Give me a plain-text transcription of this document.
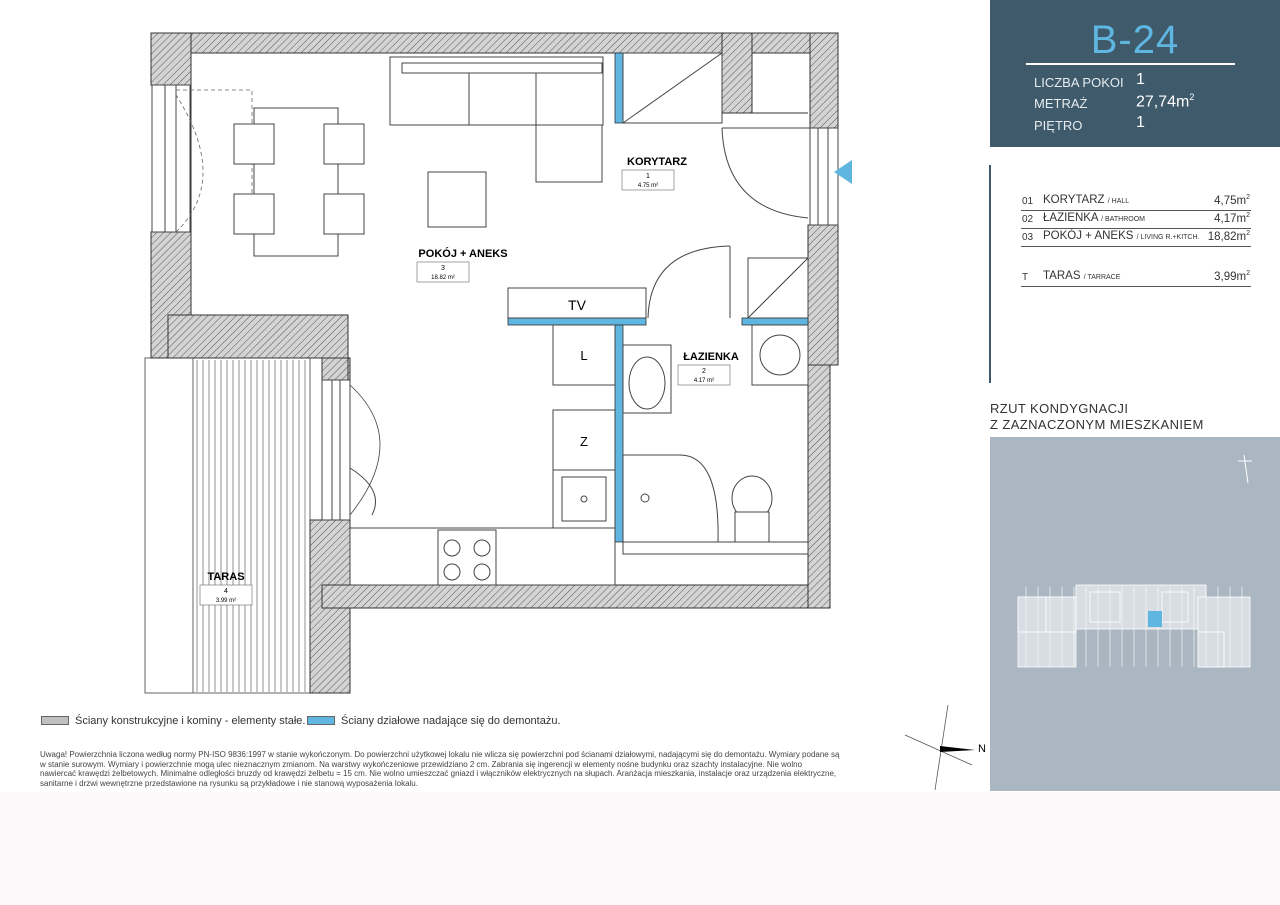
KORYTARZ
1
4.75 m²
POKÓJ + ANEKS
3
18.82 m²
ŁAZIENKA
2
4.17 m²
TARAS
4
3.99 m²
N
TV
L
Z
B-24
LICZBA POKOI 1
METRAŻ	$27,74m^2$
PIĘTRO	1
01 KORYTARZ / HALL	$4,75m^2$
02 ŁAZIENKA / BATHROOM	$4,17m^2$
03 POKÓJ + ANEKS / LIVING R.+KITCH. $18,82m^2$
T TARAS / TARRACE	$3,99m^2$
RZUT KONDYGNACJI
Z ZAZNACZONYM MIESZKANIEM
Ściany konstrukcyjne i kominy - elementy stałe.	Ściany działowe nadające się do demontażu.
Uwaga! Powierzchnia liczona według normy PN-ISO 9836:1997 w stanie wykończonym. Do powierzchni użytkowej lokalu nie wlicza się powierzchni pod ścianami działowymi, nadającymi się do demontażu. Wymiary podane są w stanie surowym. Wymiary i powierzchnie mogą ulec nieznacznym zmianom. Na warstwy wykończeniowe przewidziano 2 cm. Zabrania się ingerencji w elementy nośne budynku oraz szachty instalacyjne. Nie wolno nawiercać krawędzi żelbetowych. Minimalne odległości bruzdy od krawędzi żelbetu = 15 cm. Nie wolno umieszczać gniazd i włączników elektrycznych na słupach. Aranżacja mieszkania, instalacje oraz urządzenia elektryczne, sanitarne i drzwi wewnętrzne przedstawione na rysunku są przykładowe i nie stanową wyposażenia lokalu.
